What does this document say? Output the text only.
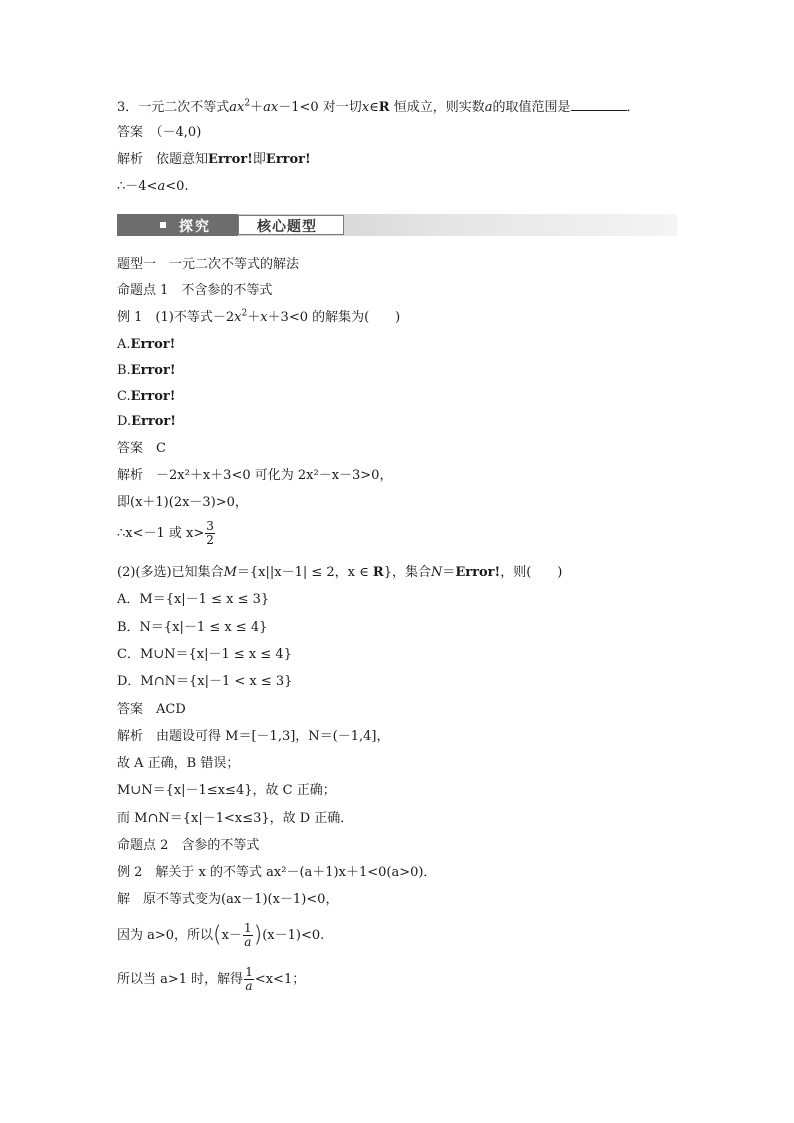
3．一元二次不等式$ax^2+ax-1<0$ 对一切x∈R 恒成立，则实数a的取值范围是	．
答案　 （－4,0)
解析　 依题意知Error!即Error!
∴－4<a<0.
探究	核心题型
题型一　一元二次不等式的解法
命题点 1　不含参的不等式
例 1　 (1)不等式$-2x^2+x+3<0$ 的解集为(　　)
A.Error!
B.Error!
C.Error!
D.Error!
答案　 C
解析　 －2x²＋x＋3<0 可化为 2x²－x－3>0，
即(x＋1)(2x－3)>0，
∴x<－1 或 $x> \frac{3}{2}$
(2)(多选)已知集合M＝{x||x－1| ≤ 2，x ∈ R}，集合N＝Error!，则(　　)
A．M＝{x|－1 ≤ x ≤ 3}
B．N＝{x|－1 ≤ x ≤ 4}
C．M∪N＝{x|－1 ≤ x ≤ 4}
D．M∩N＝{x|－1 < x ≤ 3}
答案　 ACD
解析　 由题设可得 M＝[－1,3]，N＝(－1,4]，
故 A 正确，B 错误；
M∪N＝{x|－1≤x≤4}，故 C 正确；
而 M∩N＝{x|－1<x≤3}，故 D 正确．
命题点 2　含参的不等式
例 2　 解关于 x 的不等式 ax²－(a＋1)x＋1<0(a>0)．
解　 原不等式变为(ax－1)(x－1)<0，
因为 a>0，所以$(x- \frac{1}{a} )(x-1)<0$.
所以当 a>1 时，解得 $\frac{1}{a} <x<1$；
